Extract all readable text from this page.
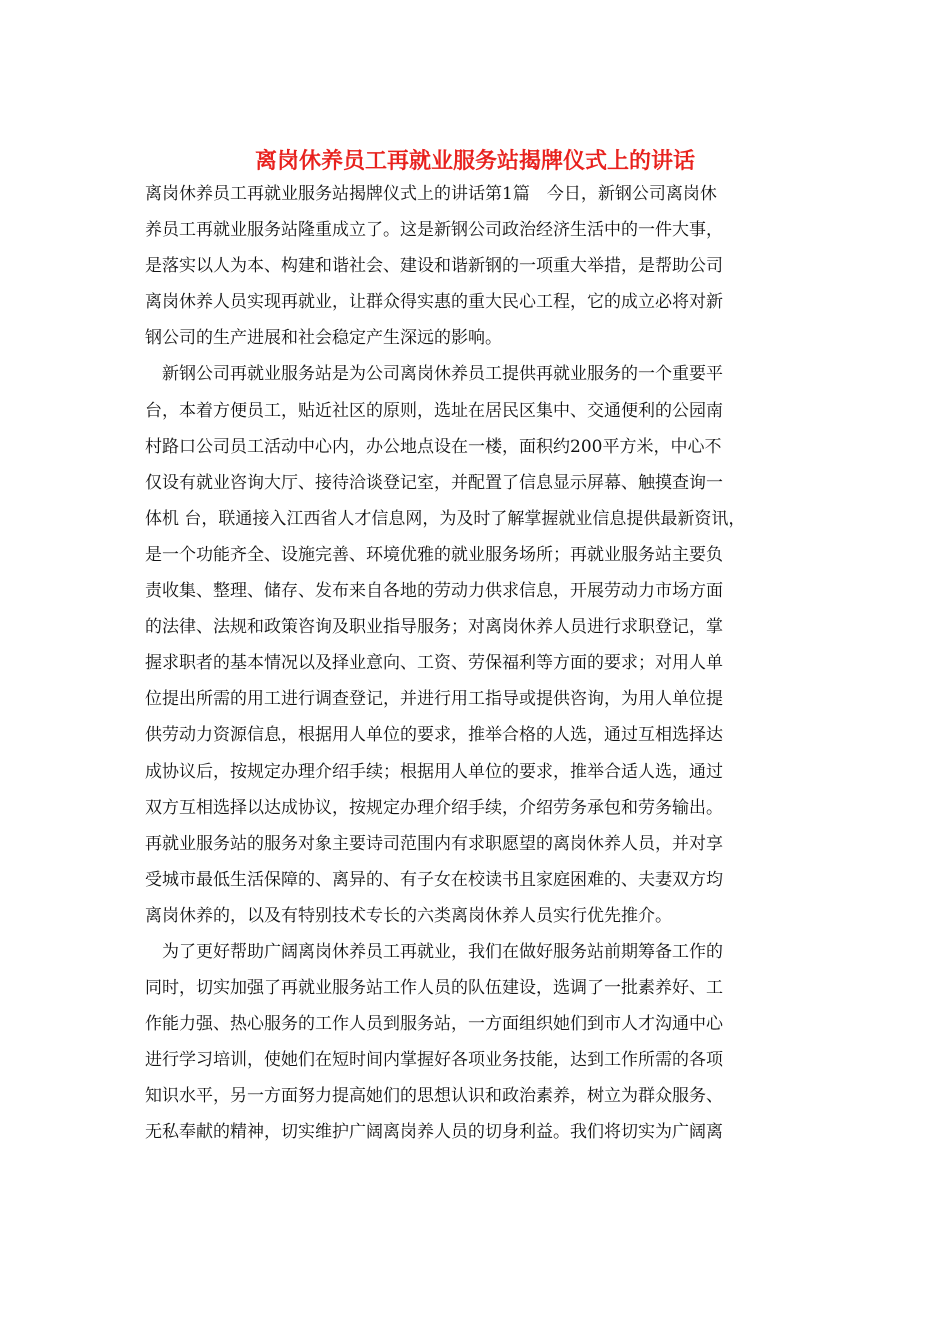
离岗休养员工再就业服务站揭牌仪式上的讲话
离岗休养员工再就业服务站揭牌仪式上的讲话第1篇　今日，新钢公司离岗休
养员工再就业服务站隆重成立了。这是新钢公司政治经济生活中的一件大事，
是落实以人为本、构建和谐社会、建设和谐新钢的一项重大举措，是帮助公司
离岗休养人员实现再就业，让群众得实惠的重大民心工程，它的成立必将对新
钢公司的生产进展和社会稳定产生深远的影响。
　新钢公司再就业服务站是为公司离岗休养员工提供再就业服务的一个重要平
台，本着方便员工，贴近社区的原则，选址在居民区集中、交通便利的公园南
村路口公司员工活动中心内，办公地点设在一楼，面积约200平方米，中心不
仅设有就业咨询大厅、接待洽谈登记室，并配置了信息显示屏幕、触摸查询一
体机 台，联通接入江西省人才信息网，为及时了解掌握就业信息提供最新资讯，
是一个功能齐全、设施完善、环境优雅的就业服务场所；再就业服务站主要负
责收集、整理、储存、发布来自各地的劳动力供求信息，开展劳动力市场方面
的法律、法规和政策咨询及职业指导服务；对离岗休养人员进行求职登记，掌
握求职者的基本情况以及择业意向、工资、劳保福利等方面的要求；对用人单
位提出所需的用工进行调查登记，并进行用工指导或提供咨询，为用人单位提
供劳动力资源信息，根据用人单位的要求，推举合格的人选，通过互相选择达
成协议后，按规定办理介绍手续；根据用人单位的要求，推举合适人选，通过
双方互相选择以达成协议，按规定办理介绍手续，介绍劳务承包和劳务输出。
再就业服务站的服务对象主要诗司范围内有求职愿望的离岗休养人员，并对享
受城市最低生活保障的、离异的、有子女在校读书且家庭困难的、夫妻双方均
离岗休养的，以及有特别技术专长的六类离岗休养人员实行优先推介。
　为了更好帮助广阔离岗休养员工再就业，我们在做好服务站前期筹备工作的
同时，切实加强了再就业服务站工作人员的队伍建设，选调了一批素养好、工
作能力强、热心服务的工作人员到服务站，一方面组织她们到市人才沟通中心
进行学习培训，使她们在短时间内掌握好各项业务技能，达到工作所需的各项
知识水平，另一方面努力提高她们的思想认识和政治素养，树立为群众服务、
无私奉献的精神，切实维护广阔离岗养人员的切身利益。我们将切实为广阔离
